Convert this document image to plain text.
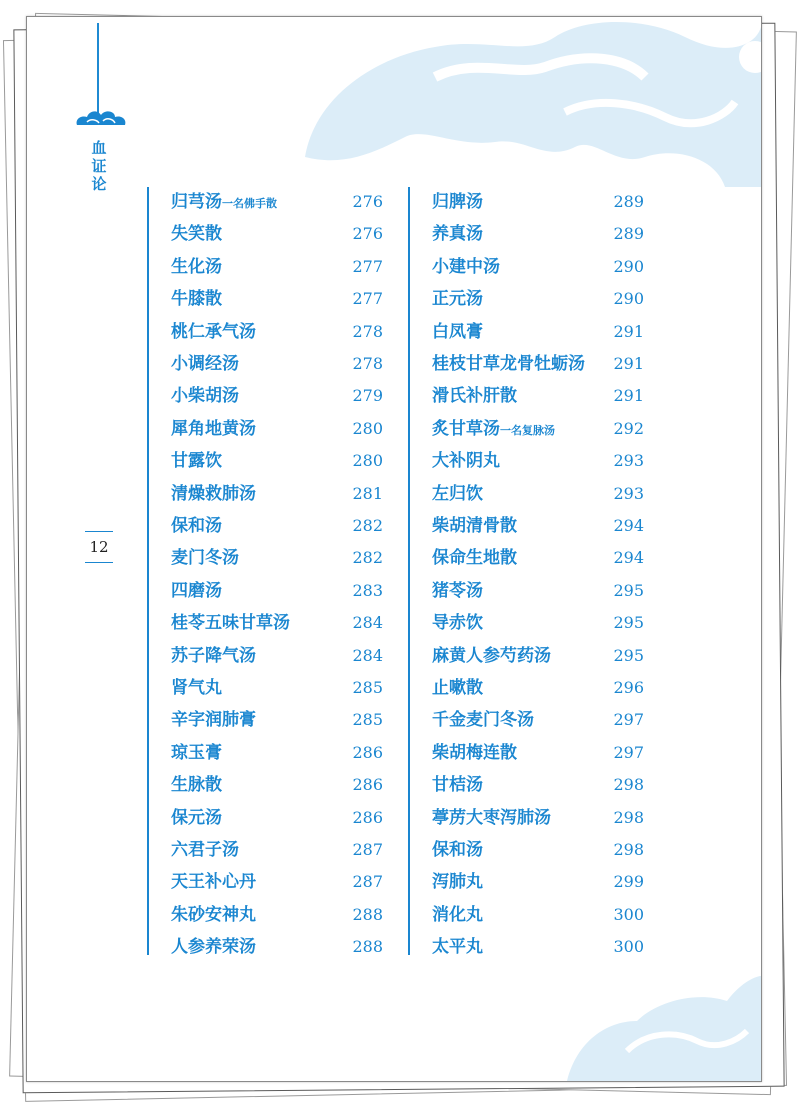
血证论
12
归芎汤一名佛手散	276
失笑散	276
生化汤	277
牛膝散	277
桃仁承气汤	278
小调经汤	278
小柴胡汤	279
犀角地黄汤	280
甘露饮	280
清燥救肺汤	281
保和汤	282
麦门冬汤	282
四磨汤	283
桂苓五味甘草汤	284
苏子降气汤	284
肾气丸	285
辛字润肺膏	285
琼玉膏	286
生脉散	286
保元汤	286
六君子汤	287
天王补心丹	287
朱砂安神丸	288
人参养荣汤	288
归脾汤	289
养真汤	289
小建中汤	290
正元汤	290
白凤膏	291
桂枝甘草龙骨牡蛎汤 291
滑氏补肝散	291
炙甘草汤一名复脉汤	292
大补阴丸	293
左归饮	293
柴胡清骨散	294
保命生地散	294
猪苓汤	295
导赤饮	295
麻黄人参芍药汤	295
止嗽散	296
千金麦门冬汤	297
柴胡梅连散	297
甘桔汤	298
葶苈大枣泻肺汤	298
保和汤	298
泻肺丸	299
消化丸	300
太平丸	300
